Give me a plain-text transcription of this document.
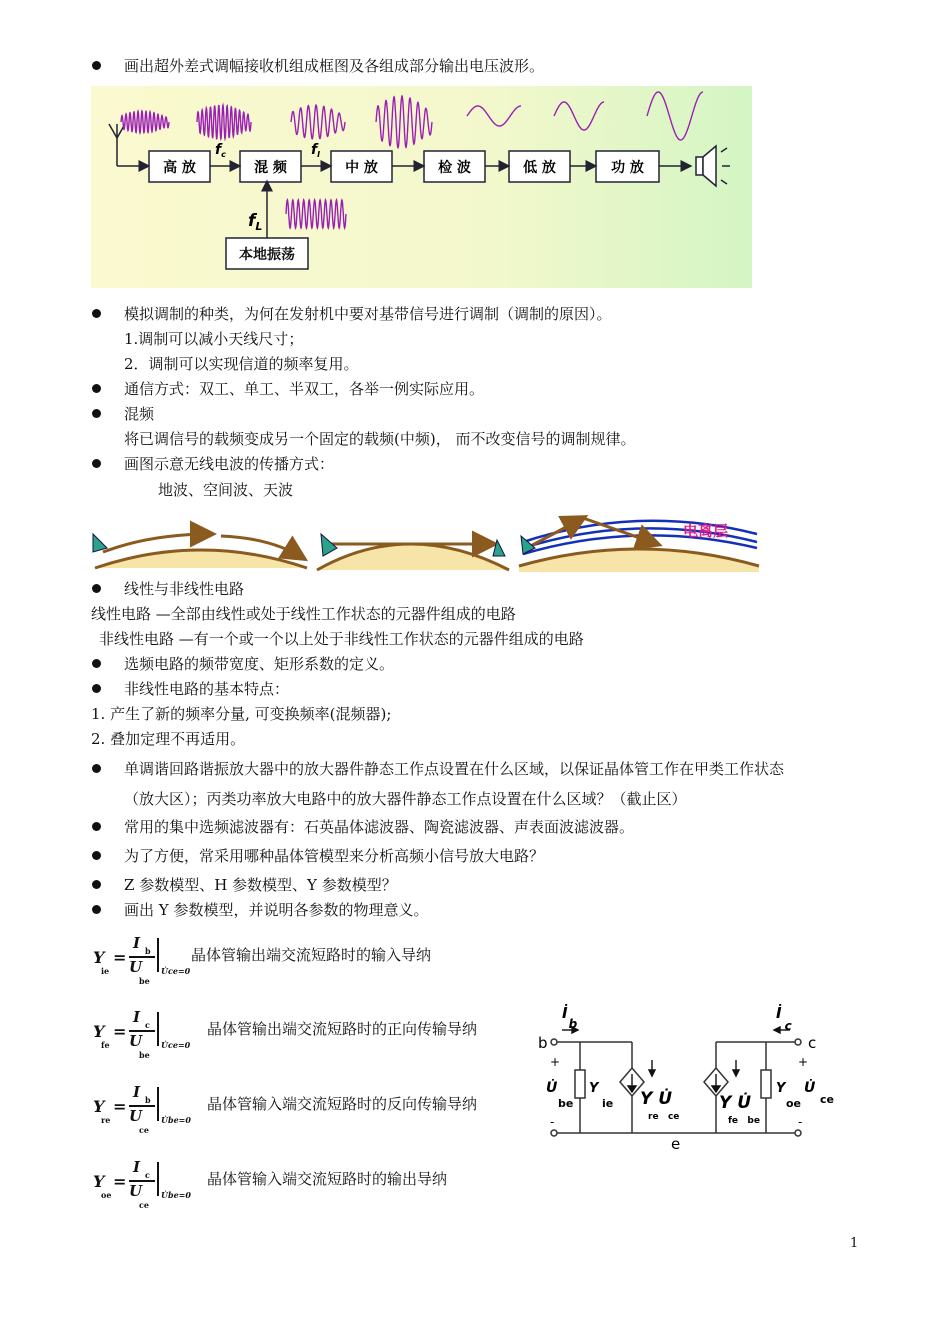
画出超外差式调幅接收机组成框图及各组成部分输出电压波形。
高 放	混 频	中 放	检 波	低 放	功 放
本地振荡
$f_c$	$f_I$
$f_L$
模拟调制的种类，为何在发射机中要对基带信号进行调制（调制的原因）。
1.调制可以减小天线尺寸；
2．调制可以实现信道的频率复用。
通信方式：双工、单工、半双工，各举一例实际应用。
混频
将已调信号的载频变成另一个固定的载频(中频)， 而不改变信号的调制规律。
画图示意无线电波的传播方式：
地波、空间波、天波
电离层
线性与非线性电路
线性电路 —全部由线性或处于线性工作状态的元器件组成的电路
非线性电路 —有一个或一个以上处于非线性工作状态的元器件组成的电路
选频电路的频带宽度、矩形系数的定义。
非线性电路的基本特点：
1. 产生了新的频率分量, 可变换频率(混频器);
2. 叠加定理不再适用。
单调谐回路谐振放大器中的放大器件静态工作点设置在什么区域，以保证晶体管工作在甲类工作状态
（放大区）；丙类功率放大电路中的放大器件静态工作点设置在什么区域？（截止区）
常用的集中选频滤波器有：石英晶体滤波器、陶瓷滤波器、声表面波滤波器。
为了方便，常采用哪种晶体管模型来分析高频小信号放大电路？
Z 参数模型、H 参数模型、Y 参数模型？
画出 Y 参数模型，并说明各参数的物理意义。
Y
ie
=
I b
U
be
U̇ce=0
晶体管输出端交流短路时的输入导纳
Y
fe
=
I c
U
be
U̇ce=0
晶体管输出端交流短路时的正向传输导纳
Y
re
=
I b
U
ce
U̇be=0
晶体管输入端交流短路时的反向传输导纳
Y
oe
=
I c
U
ce
U̇be=0
晶体管输入端交流短路时的输出导纳
$İ_b$
$İ_c$
b	c
e
+	+
-	-
U̇
be
U̇
ce
Y
ie Y U̇
re   ce
Y U̇
fe   be
Y
oe
1
